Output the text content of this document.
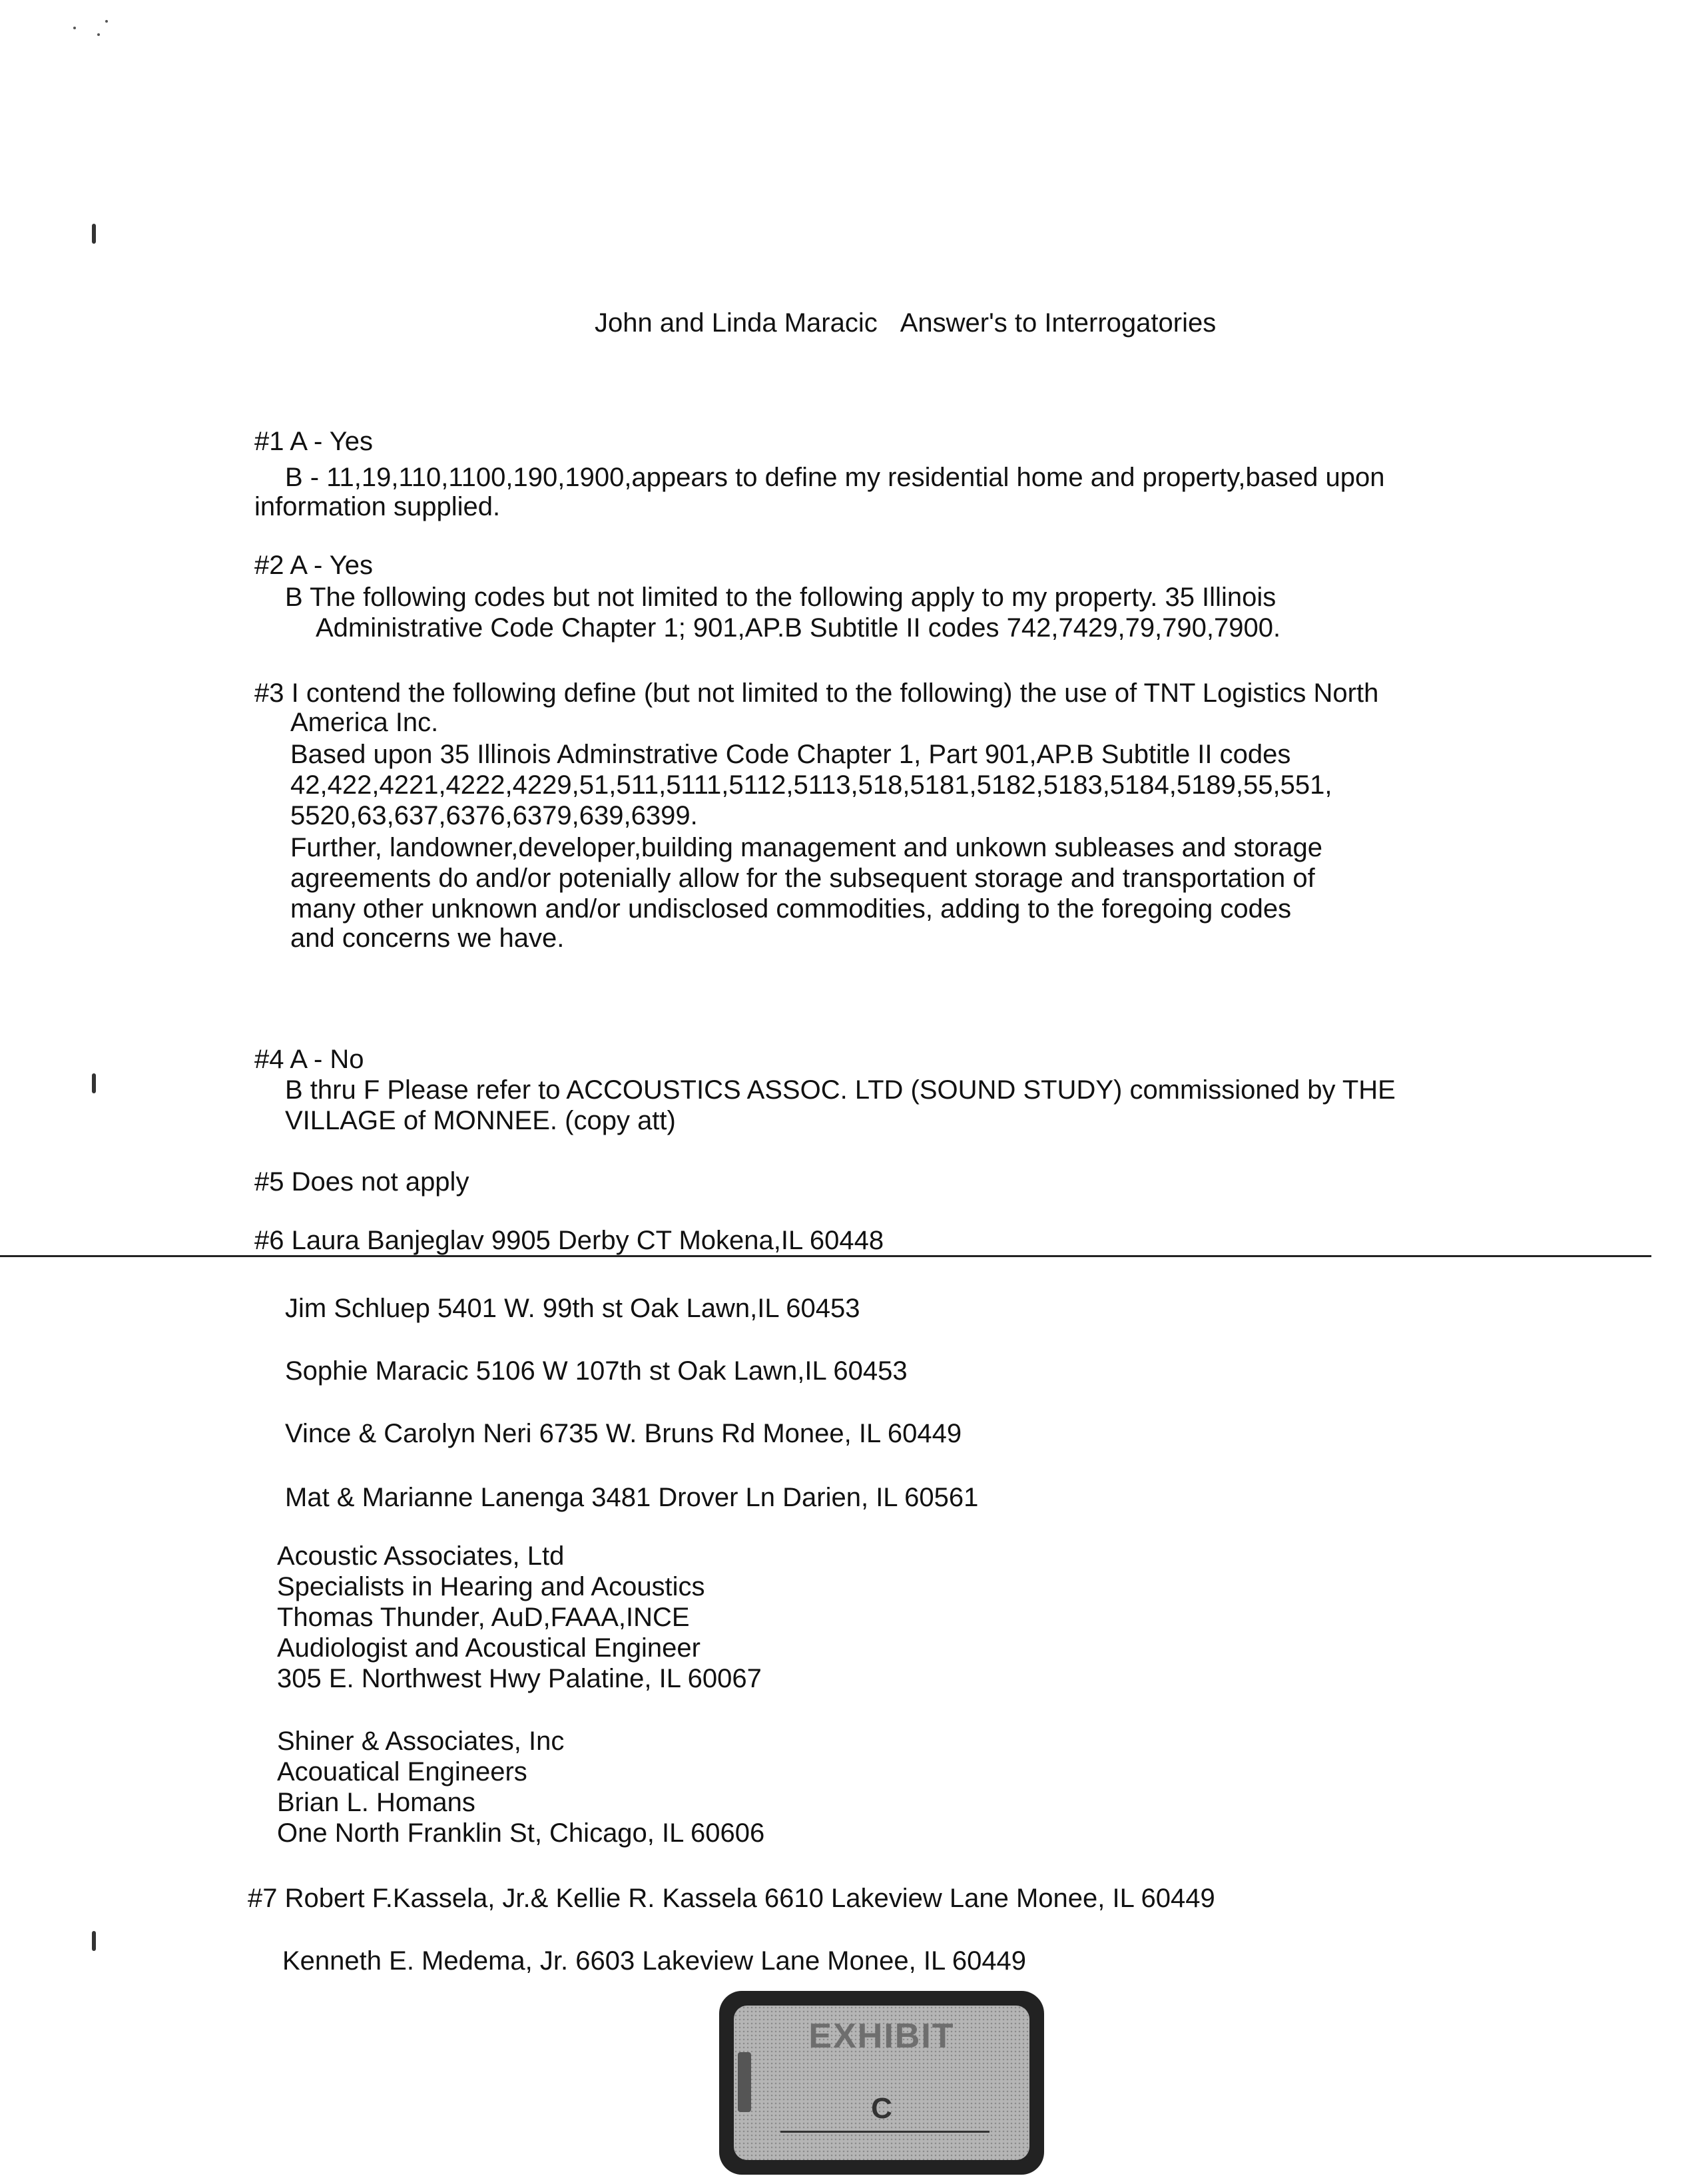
John and Linda Maracic Answer's to Interrogatories
#1 A - Yes
B - 11,19,110,1100,190,1900,appears to define my residential home and property,based upon
information supplied.
#2 A - Yes
B The following codes but not limited to the following apply to my property. 35 Illinois
Administrative Code Chapter 1; 901,AP.B Subtitle II codes 742,7429,79,790,7900.
#3 I contend the following define (but not limited to the following) the use of TNT Logistics North
America Inc.
Based upon 35 Illinois Adminstrative Code Chapter 1, Part 901,AP.B Subtitle II codes
42,422,4221,4222,4229,51,511,5111,5112,5113,518,5181,5182,5183,5184,5189,55,551,
5520,63,637,6376,6379,639,6399.
Further, landowner,developer,building management and unkown subleases and storage
agreements do and/or potenially allow for the subsequent storage and transportation of
many other unknown and/or undisclosed commodities, adding to the foregoing codes
and concerns we have.
#4 A - No
B thru F Please refer to ACCOUSTICS ASSOC. LTD (SOUND STUDY) commissioned by THE
VILLAGE of MONNEE. (copy att)
#5 Does not apply
#6 Laura Banjeglav 9905 Derby CT Mokena,IL 60448
Jim Schluep 5401 W. 99th st Oak Lawn,IL 60453
Sophie Maracic 5106 W 107th st Oak Lawn,IL 60453
Vince & Carolyn Neri 6735 W. Bruns Rd Monee, IL 60449
Mat & Marianne Lanenga 3481 Drover Ln Darien, IL 60561
Acoustic Associates, Ltd
Specialists in Hearing and Acoustics
Thomas Thunder, AuD,FAAA,INCE
Audiologist and Acoustical Engineer
305 E. Northwest Hwy Palatine, IL 60067
Shiner & Associates, Inc
Acouatical Engineers
Brian L. Homans
One North Franklin St, Chicago, IL 60606
#7 Robert F.Kassela, Jr.& Kellie R. Kassela 6610 Lakeview Lane Monee, IL 60449
Kenneth E. Medema, Jr. 6603 Lakeview Lane Monee, IL 60449
EXHIBIT
C
